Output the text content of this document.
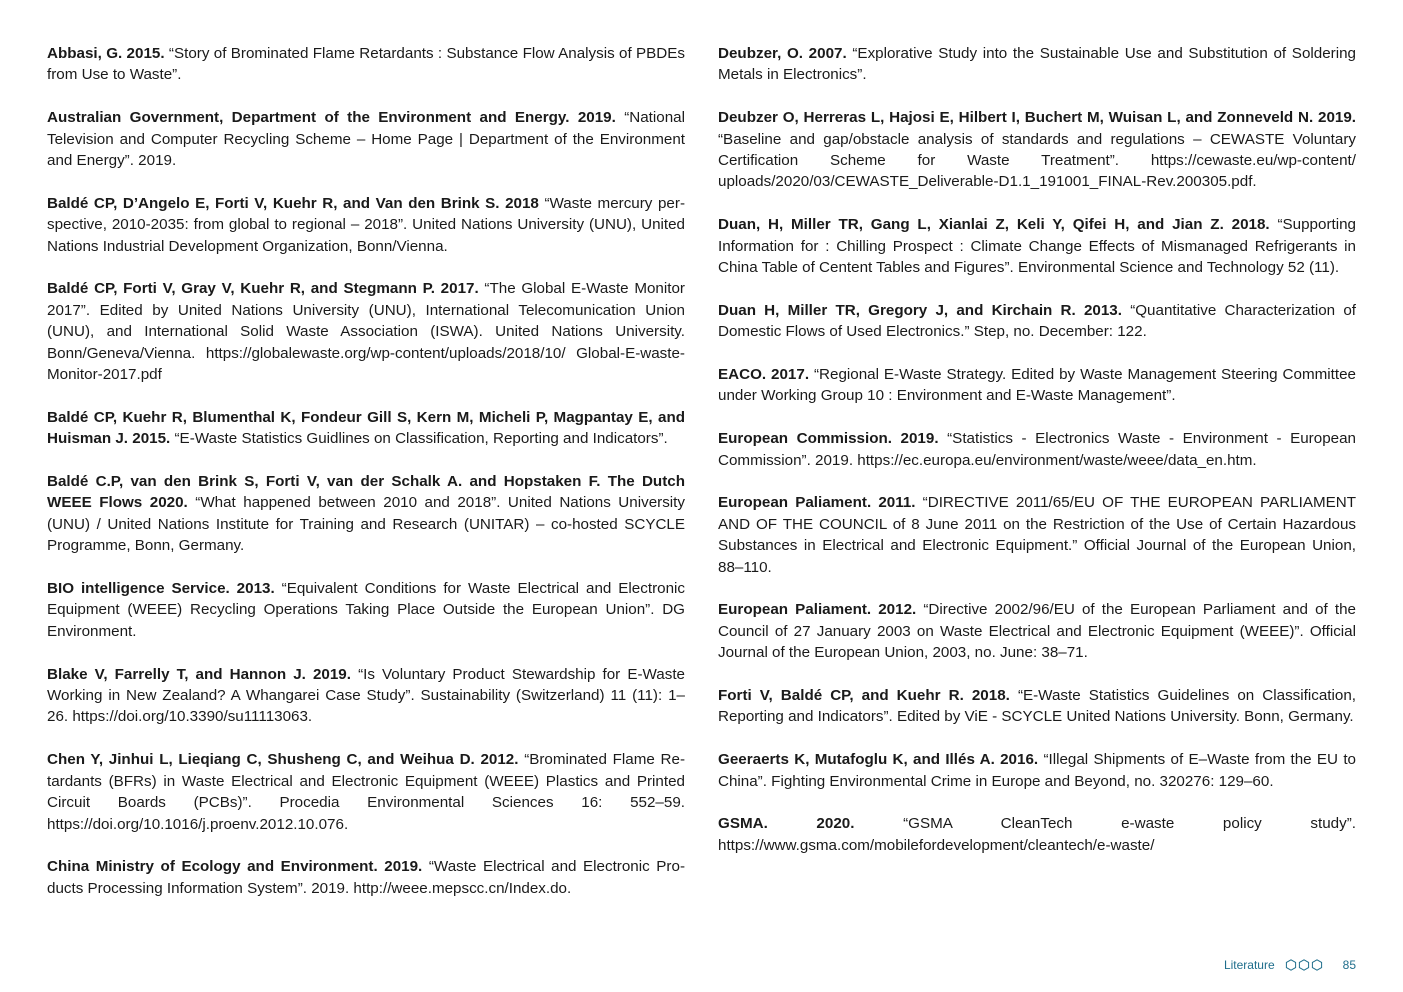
Abbasi, G. 2015. “Story of Brominated Flame Retardants : Substance Flow Analysis of PBDEs from Use to Waste”.

Australian Government, Department of the Environment and Energy. 2019. “National Television and Computer Recycling Scheme – Home Page | Department of the Environment and Energy”. 2019.

Baldé CP, D’Angelo E, Forti V, Kuehr R, and Van den Brink S. 2018 “Waste mercury perspective, 2010-2035: from global to regional – 2018”. United Nations University (UNU), United Nations Industrial Development Organization, Bonn/Vienna.

Baldé CP, Forti V, Gray V, Kuehr R, and Stegmann P. 2017. “The Global E-Waste Monitor 2017”. Edited by United Nations University (UNU), International Telecomunication Union (UNU), and International Solid Waste Association (ISWA). United Nations University. Bonn/Geneva/Vienna. https://globalewaste.org/wp-content/uploads/2018/10/ Global-E-waste-Monitor-2017.pdf

Baldé CP, Kuehr R, Blumenthal K, Fondeur Gill S, Kern M, Micheli P, Magpantay E, and Huisman J. 2015. “E-Waste Statistics Guidlines on Classification, Reporting and Indicators”.

Baldé C.P, van den Brink S, Forti V, van der Schalk A. and Hopstaken F. The Dutch WEEE Flows 2020. “What happened between 2010 and 2018”. United Nations University (UNU) / United Nations Institute for Training and Research (UNITAR) – co-hosted SCYCLE Programme, Bonn, Germany.

BIO intelligence Service. 2013. “Equivalent Conditions for Waste Electrical and Electronic Equipment (WEEE) Recycling Operations Taking Place Outside the European Union”. DG Environment.

Blake V, Farrelly T, and Hannon J. 2019. “Is Voluntary Product Stewardship for E-Waste Working in New Zealand? A Whangarei Case Study”. Sustainability (Switzerland) 11 (11): 1–26. https://doi.org/10.3390/su11113063.

Chen Y, Jinhui L, Lieqiang C, Shusheng C, and Weihua D. 2012. “Brominated Flame Retardants (BFRs) in Waste Electrical and Electronic Equipment (WEEE) Plastics and Printed Circuit Boards (PCBs)”. Procedia Environmental Sciences 16: 552–59. https://doi.org/10.1016/j.proenv.2012.10.076.

China Ministry of Ecology and Environment. 2019. “Waste Electrical and Electronic Products Processing Information System”. 2019. http://weee.mepscc.cn/Index.do.

Deubzer, O. 2007. “Explorative Study into the Sustainable Use and Substitution of Soldering Metals in Electronics”.

Deubzer O, Herreras L, Hajosi E, Hilbert I, Buchert M, Wuisan L, and Zonneveld N. 2019. “Baseline and gap/obstacle analysis of standards and regulations – CEWASTE Voluntary Certification Scheme for Waste Treatment”. https://cewaste.eu/wp-content/ uploads/2020/03/CEWASTE_Deliverable-D1.1_191001_FINAL-Rev.200305.pdf.

Duan, H, Miller TR, Gang L, Xianlai Z, Keli Y, Qifei H, and Jian Z. 2018. “Supporting Information for : Chilling Prospect : Climate Change Effects of Mismanaged Refrigerants in China Table of Centent Tables and Figures”. Environmental Science and Technology 52 (11).

Duan H, Miller TR, Gregory J, and Kirchain R. 2013. “Quantitative Characterization of Domestic Flows of Used Electronics.” Step, no. December: 122.

EACO. 2017. “Regional E-Waste Strategy. Edited by Waste Management Steering Committee under Working Group 10 : Environment and E-Waste Management”.

European Commission. 2019. “Statistics - Electronics Waste - Environment - European Commission”. 2019. https://ec.europa.eu/environment/waste/weee/data_en.htm.

European Paliament. 2011. “DIRECTIVE 2011/65/EU OF THE EUROPEAN PARLIAMENT AND OF THE COUNCIL of 8 June 2011 on the Restriction of the Use of Certain Hazardous Substances in Electrical and Electronic Equipment.” Official Journal of the European Union, 88–110.

European Paliament. 2012. “Directive 2002/96/EU of the European Parliament and of the Council of 27 January 2003 on Waste Electrical and Electronic Equipment (WEEE)”. Official Journal of the European Union, 2003, no. June: 38–71.

Forti V, Baldé CP, and Kuehr R. 2018. “E-Waste Statistics Guidelines on Classification, Reporting and Indicators”. Edited by ViE - SCYCLE United Nations University. Bonn, Germany.

Geeraerts K, Mutafoglu K, and Illés A. 2016. “Illegal Shipments of E–Waste from the EU to China”. Fighting Environmental Crime in Europe and Beyond, no. 320276: 129–60.

GSMA. 2020.	“GSMA CleanTech e-waste policy study”. https://www.gsma.com/mobilefordevelopment/cleantech/e-waste/

Literature	85
